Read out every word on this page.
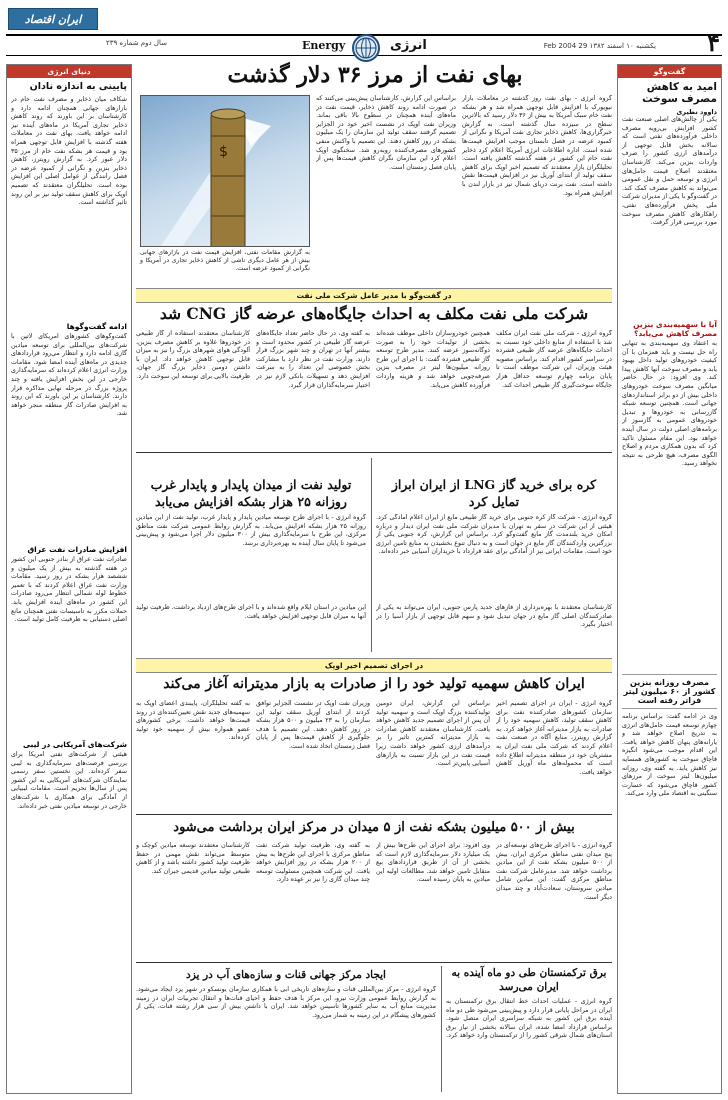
ایران اقتصاد
سال دوم شماره ۲۳۹	Energy	انرژی	یکشنبه ۱۰ اسفند ۱۳۸۲ 29 Feb 2004 ۴
دنیای انرژی
پایینی به اندازه نادان
شکاف میان ذخایر و مصرف نفت خام در بازارهای جهانی همچنان ادامه دارد و کارشناسان بر این باورند که روند کاهش ذخایر تجاری آمریکا در ماه‌های آینده نیز ادامه خواهد یافت. بهای نفت در معاملات هفته گذشته با افزایش قابل توجهی همراه بود و قیمت هر بشکه نفت خام از مرز ۳۵ دلار عبور کرد. به گزارش رویترز، کاهش ذخایر بنزین و نگرانی از کمبود عرضه در فصل رانندگی از عوامل اصلی این افزایش بوده است. تحلیلگران معتقدند که تصمیم اوپک برای کاهش سقف تولید نیز بر این روند تاثیر گذاشته است.
ادامه گفت‌وگوها
گفت‌وگوهای کشورهای آمریکای لاتین با شرکت‌های بین‌المللی برای توسعه میادین گازی ادامه دارد و انتظار می‌رود قراردادهای جدیدی در ماه‌های آینده امضا شود. مقامات وزارت انرژی اعلام کرده‌اند که سرمایه‌گذاری خارجی در این بخش افزایش یافته و چند پروژه بزرگ در مرحله نهایی مذاکره قرار دارند. کارشناسان بر این باورند که این روند به افزایش صادرات گاز منطقه منجر خواهد شد.
افزایش صادرات نفت عراق
صادرات نفت عراق از بنادر جنوبی این کشور در هفته گذشته به بیش از یک میلیون و ششصد هزار بشکه در روز رسید. مقامات وزارت نفت عراق اعلام کردند که با تعمیر خطوط لوله شمالی انتظار می‌رود صادرات این کشور در ماه‌های آینده افزایش یابد. حملات مکرر به تاسیسات نفتی همچنان مانع اصلی دستیابی به ظرفیت کامل تولید است.
شرکت‌های آمریکایی در لیبی
هیئتی از شرکت‌های نفتی آمریکا برای بررسی فرصت‌های سرمایه‌گذاری به لیبی سفر کرده‌اند. این نخستین سفر رسمی نمایندگان شرکت‌های آمریکایی به این کشور پس از سال‌ها تحریم است. مقامات لیبیایی از آمادگی برای همکاری با شرکت‌های خارجی در توسعه میادین نفتی خبر داده‌اند.
گفت‌وگو
امید به کاهش مصرف سوخت
داوود نظیری
یکی از چالش‌های اصلی صنعت نفت کشور افزایش بی‌رویه مصرف داخلی فرآورده‌های نفتی است که سالانه بخش قابل توجهی از درآمدهای ارزی کشور را صرف واردات بنزین می‌کند. کارشناسان معتقدند اصلاح قیمت حامل‌های انرژی و توسعه حمل و نقل عمومی می‌تواند به کاهش مصرف کمک کند. در گفت‌وگو با یکی از مدیران شرکت ملی پخش فرآورده‌های نفتی، راهکارهای کاهش مصرف سوخت مورد بررسی قرار گرفت.
آیا با سهمیه‌بندی بنزین مصرف کاهش می‌یابد؟
به اعتقاد وی سهمیه‌بندی به تنهایی راه حل نیست و باید همزمان با آن کیفیت خودروهای تولید داخل بهبود یابد و مصرف سوخت آنها کاهش پیدا کند. وی افزود: در حال حاضر میانگین مصرف سوخت خودروهای داخلی بیش از دو برابر استانداردهای جهانی است. همچنین توسعه شبکه گازرسانی به خودروها و تبدیل خودروهای عمومی به گازسوز از برنامه‌های اصلی دولت در سال آینده خواهد بود. این مقام مسئول تاکید کرد که بدون همکاری مردم و اصلاح الگوی مصرف، هیچ طرحی به نتیجه نخواهد رسید.
مصرف روزانه بنزین کشور از ۶۰ میلیون لیتر فراتر رفته است
وی در ادامه گفت: براساس برنامه چهارم توسعه قیمت حامل‌های انرژی به تدریج اصلاح خواهد شد و یارانه‌های پنهان کاهش خواهد یافت. این اقدام موجب می‌شود انگیزه قاچاق سوخت به کشورهای همسایه نیز کاهش یابد. به گفته وی، روزانه میلیون‌ها لیتر سوخت از مرزهای کشور قاچاق می‌شود که خسارت سنگینی به اقتصاد ملی وارد می‌کند.
بهای نفت از مرز ۳۶ دلار گذشت
$
به گزارش مقامات نفتی، افزایش قیمت نفت در بازارهای جهانی بیش از هر عامل دیگری ناشی از کاهش ذخایر تجاری در آمریکا و نگرانی از کمبود عرضه است.
براساس این گزارش، کارشناسان پیش‌بینی می‌کنند که در صورت ادامه روند کاهش ذخایر، قیمت نفت در ماه‌های آینده همچنان در سطوح بالا باقی بماند. وزیران نفت اوپک در نشست اخیر خود در الجزایر تصمیم گرفتند سقف تولید این سازمان را یک میلیون بشکه در روز کاهش دهند. این تصمیم با واکنش منفی کشورهای مصرف‌کننده روبه‌رو شد. سخنگوی اوپک اعلام کرد این سازمان نگران کاهش قیمت‌ها پس از پایان فصل زمستان است.
گروه انرژی - بهای نفت روز گذشته در معاملات بازار نیویورک با افزایش قابل توجهی همراه شد و هر بشکه نفت خام سبک آمریکا به بیش از ۳۶ دلار رسید که بالاترین سطح در سیزده سال گذشته است. به گزارش خبرگزاری‌ها، کاهش ذخایر تجاری نفت آمریکا و نگرانی از کمبود عرضه در فصل تابستان موجب افزایش قیمت‌ها شده است. اداره اطلاعات انرژی آمریکا اعلام کرد ذخایر نفت خام این کشور در هفته گذشته کاهش یافته است. تحلیلگران بازار معتقدند که تصمیم اخیر اوپک برای کاهش سقف تولید از ابتدای آوریل نیز در افزایش قیمت‌ها نقش داشته است. نفت برنت دریای شمال نیز در بازار لندن با افزایش همراه بود.
در گفت‌وگو با مدیر عامل شرکت ملی نفت
شرکت ملی نفت مکلف به احداث جایگاه‌های عرضه گاز CNG شد
کارشناسان معتقدند استفاده از گاز طبیعی در خودروها علاوه بر کاهش مصرف بنزین، آلودگی هوای شهرهای بزرگ را نیز به میزان قابل توجهی کاهش خواهد داد. ایران با داشتن دومین ذخایر بزرگ گاز جهان، ظرفیت بالایی برای توسعه این سوخت دارد.
به گفته وی، در حال حاضر تعداد جایگاه‌های عرضه گاز طبیعی در کشور محدود است و بیشتر آنها در تهران و چند شهر بزرگ قرار دارند. وزارت نفت در نظر دارد با مشارکت بخش خصوصی این تعداد را به سرعت افزایش دهد و تسهیلات بانکی لازم نیز در اختیار سرمایه‌گذاران قرار گیرد.
همچنین خودروسازان داخلی موظف شده‌اند بخشی از تولیدات خود را به صورت دوگانه‌سوز عرضه کنند. مدیر طرح توسعه گاز طبیعی فشرده گفت: با اجرای این طرح روزانه میلیون‌ها لیتر در مصرف بنزین صرفه‌جویی خواهد شد و هزینه واردات فرآورده کاهش می‌یابد.
گروه انرژی - شرکت ملی نفت ایران مکلف شد با استفاده از منابع داخلی خود نسبت به احداث جایگاه‌های عرضه گاز طبیعی فشرده در سراسر کشور اقدام کند. براساس مصوبه هیئت وزیران، این شرکت موظف است تا پایان برنامه چهارم توسعه حداقل هزار جایگاه سوخت‌گیری گاز طبیعی احداث کند.
کره برای خرید گاز LNG از ایران ابراز تمایل کرد
گروه انرژی - شرکت گاز کره جنوبی برای خرید گاز طبیعی مایع از ایران اعلام آمادگی کرد. هیئتی از این شرکت در سفر به تهران با مدیران شرکت ملی نفت ایران دیدار و درباره امکان خرید بلندمدت گاز مایع گفت‌وگو کرد. براساس این گزارش، کره جنوبی یکی از بزرگترین واردکنندگان گاز مایع در جهان است و به دنبال تنوع بخشیدن به منابع تامین انرژی خود است. مقامات ایرانی نیز از آمادگی برای عقد قرارداد با خریداران آسیایی خبر داده‌اند.
کارشناسان معتقدند با بهره‌برداری از فازهای جدید پارس جنوبی، ایران می‌تواند به یکی از صادرکنندگان اصلی گاز مایع در جهان تبدیل شود و سهم قابل توجهی از بازار آسیا را در اختیار بگیرد.
تولید نفت از میدان پایدار و پایدار غرب روزانه ۲۵ هزار بشکه افزایش می‌یابد
گروه انرژی - با اجرای طرح توسعه میادین پایدار و پایدار غرب، تولید نفت از این میادین روزانه ۲۵ هزار بشکه افزایش می‌یابد. به گزارش روابط عمومی شرکت نفت مناطق مرکزی، این طرح با سرمایه‌گذاری بیش از ۳۰۰ میلیون دلار اجرا می‌شود و پیش‌بینی می‌شود تا پایان سال آینده به بهره‌برداری برسد.
این میادین در استان ایلام واقع شده‌اند و با اجرای طرح‌های ازدیاد برداشت، ظرفیت تولید آنها به میزان قابل توجهی افزایش خواهد یافت.
در اجرای تصمیم اخیر اوپک
ایران کاهش سهمیه تولید خود را از صادرات به بازار مدیترانه آغاز می‌کند
به گفته تحلیلگران، پایبندی اعضای اوپک به سهمیه‌های جدید نقش تعیین‌کننده‌ای در روند قیمت‌ها خواهد داشت. برخی کشورهای عضو همواره بیش از سهمیه خود تولید کرده‌اند.
وزیران نفت اوپک در نشست الجزایر توافق کردند از ابتدای آوریل سقف تولید این سازمان را به ۲۳ میلیون و ۵۰۰ هزار بشکه در روز کاهش دهند. این تصمیم با هدف جلوگیری از کاهش قیمت‌ها پس از پایان فصل زمستان اتخاذ شده است.
براساس این گزارش، ایران دومین تولیدکننده بزرگ اوپک است و سهمیه تولید آن پس از اجرای تصمیم جدید کاهش خواهد یافت. کارشناسان معتقدند کاهش صادرات به بازار مدیترانه کمترین تاثیر را بر درآمدهای ارزی کشور خواهد داشت زیرا قیمت نفت در این بازار نسبت به بازارهای آسیایی پایین‌تر است.
گروه انرژی - ایران در اجرای تصمیم اخیر سازمان کشورهای صادرکننده نفت برای کاهش سقف تولید، کاهش سهمیه خود را از صادرات به بازار مدیترانه آغاز خواهد کرد. به گزارش رویترز، منابع آگاه در صنعت نفت اعلام کردند که شرکت ملی نفت ایران به مشتریان خود در منطقه مدیترانه اطلاع داده است که محموله‌های ماه آوریل کاهش خواهد یافت.
بیش از ۵۰۰ میلیون بشکه نفت از ۵ میدان در مرکز ایران برداشت می‌شود
کارشناسان معتقدند توسعه میادین کوچک و متوسط می‌تواند نقش مهمی در حفظ ظرفیت تولید کشور داشته باشد و از کاهش طبیعی تولید میادین قدیمی جبران کند.
به گفته وی، ظرفیت تولید شرکت نفت مناطق مرکزی با اجرای این طرح‌ها به بیش از ۲۰۰ هزار بشکه در روز افزایش خواهد یافت. این شرکت همچنین مسئولیت توسعه چند میدان گازی را نیز بر عهده دارد.
وی افزود: برای اجرای این طرح‌ها بیش از یک میلیارد دلار سرمایه‌گذاری لازم است که بخشی از آن از طریق قراردادهای بیع متقابل تامین خواهد شد. مطالعات اولیه این میادین به پایان رسیده است.
گروه انرژی - با اجرای طرح‌های توسعه‌ای در پنج میدان نفتی مناطق مرکزی ایران، بیش از ۵۰۰ میلیون بشکه نفت از این میادین برداشت خواهد شد. مدیرعامل شرکت نفت مناطق مرکزی گفت: این میادین شامل میادین سروستان، سعادت‌آباد و چند میدان دیگر است.
ایجاد مرکز جهانی قنات و سازه‌های آب در یزد
گروه انرژی - مرکز بین‌المللی قنات و سازه‌های تاریخی آبی با همکاری سازمان یونسکو در شهر یزد ایجاد می‌شود. به گزارش روابط عمومی وزارت نیرو، این مرکز با هدف حفظ و احیای قنات‌ها و انتقال تجربیات ایران در زمینه مدیریت منابع آب به سایر کشورها تاسیس خواهد شد. ایران با داشتن بیش از سی هزار رشته قنات، یکی از کشورهای پیشگام در این زمینه به شمار می‌رود.
برق ترکمنستان طی دو ماه آینده به ایران می‌رسد
گروه انرژی - عملیات احداث خط انتقال برق ترکمنستان به ایران در مراحل پایانی قرار دارد و پیش‌بینی می‌شود طی دو ماه آینده برق این کشور به شبکه سراسری ایران متصل شود. براساس قرارداد امضا شده، ایران سالانه بخشی از نیاز برق استان‌های شمال شرقی کشور را از ترکمنستان وارد خواهد کرد.
